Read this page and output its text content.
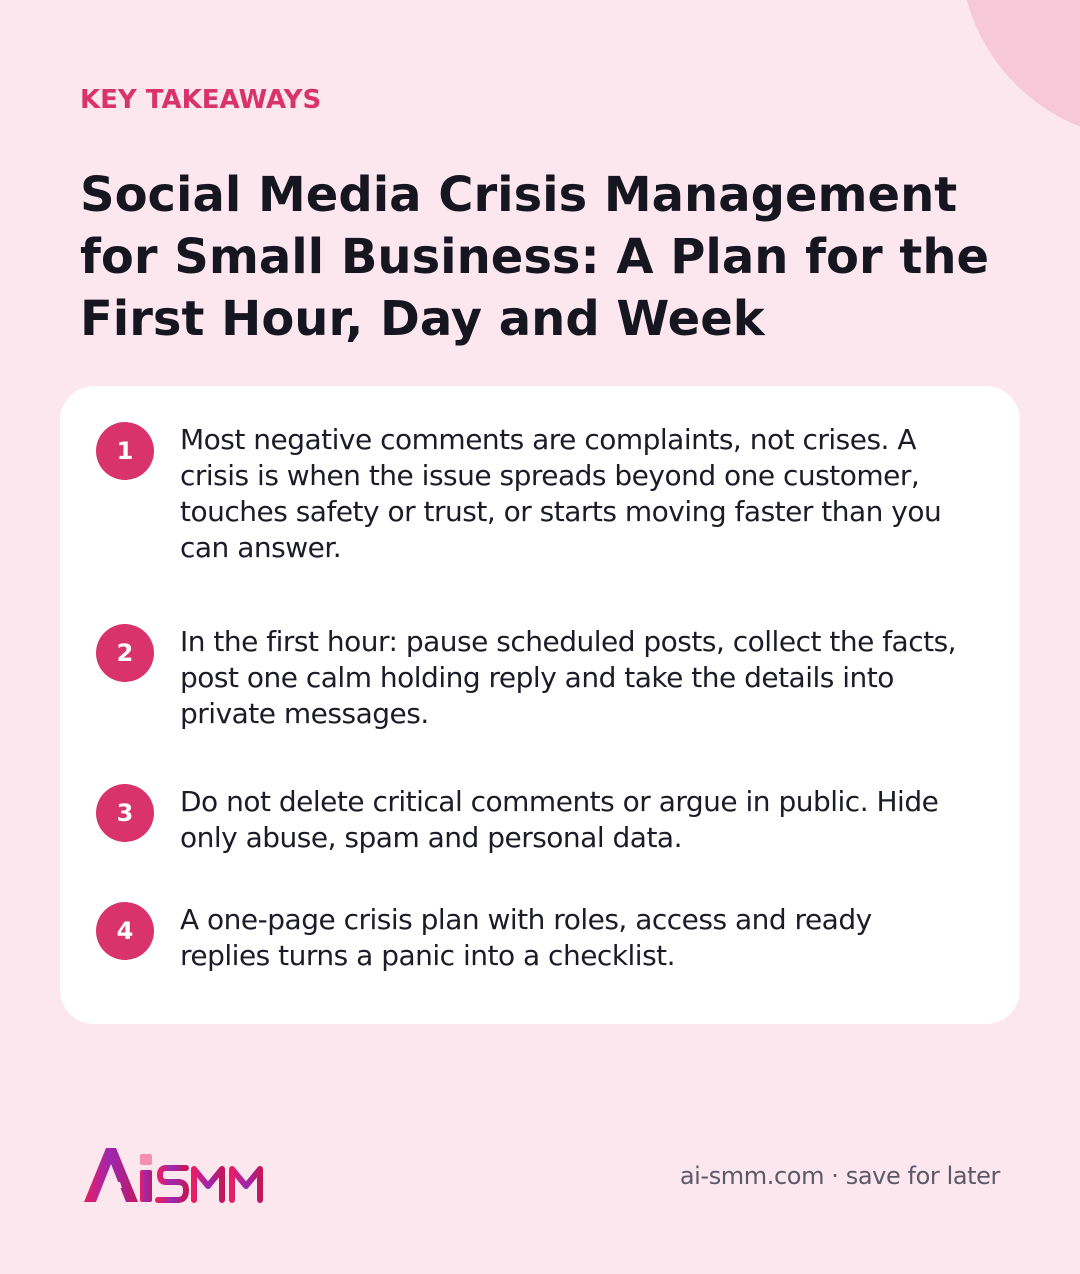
KEY TAKEAWAYS
Social Media Crisis Management for Small Business: A Plan for the First Hour, Day and Week
1	Most negative comments are complaints, not crises. A crisis is when the issue spreads beyond one customer, touches safety or trust, or starts moving faster than you can answer.

2	In the first hour: pause scheduled posts, collect the facts, post one calm holding reply and take the details into private messages.

3	Do not delete critical comments or argue in public. Hide only abuse, spam and personal data.

4	A one-page crisis plan with roles, access and ready replies turns a panic into a checklist.

ai-smm.com · save for later
